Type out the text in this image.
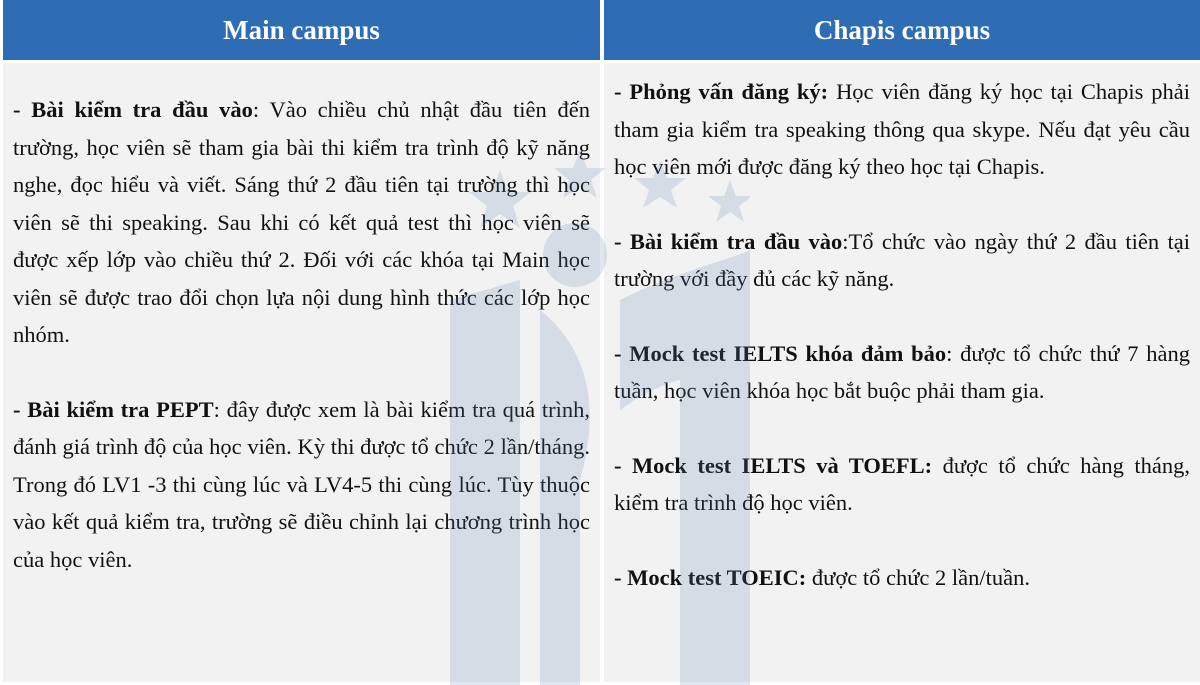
Main campus	Chapis campus

- Bài kiểm tra đầu vào: Vào chiều chủ nhật đầu tiên đến trường, học viên sẽ tham gia bài thi kiểm tra trình độ kỹ năng nghe, đọc hiểu và viết. Sáng thứ 2 đầu tiên tại trường thì học viên sẽ thi speaking. Sau khi có kết quả test thì học viên sẽ được xếp lớp vào chiều thứ 2. Đối với các khóa tại Main học viên sẽ được trao đổi chọn lựa nội dung hình thức các lớp học nhóm.

- Bài kiểm tra PEPT: đây được xem là bài kiểm tra quá trình, đánh giá trình độ của học viên. Kỳ thi được tổ chức 2 lần/tháng. Trong đó LV1 -3 thi cùng lúc và LV4-5 thi cùng lúc. Tùy thuộc vào kết quả kiểm tra, trường sẽ điều chỉnh lại chương trình học của học viên.

- Phỏng vấn đăng ký: Học viên đăng ký học tại Chapis phải tham gia kiểm tra speaking thông qua skype. Nếu đạt yêu cầu học viên mới được đăng ký theo học tại Chapis.

- Bài kiểm tra đầu vào:Tổ chức vào ngày thứ 2 đầu tiên tại trường với đầy đủ các kỹ năng.

- Mock test IELTS khóa đảm bảo: được tổ chức thứ 7 hàng tuần, học viên khóa học bắt buộc phải tham gia.

- Mock test IELTS và TOEFL: được tổ chức hàng tháng, kiểm tra trình độ học viên.

- Mock test TOEIC: được tổ chức 2 lần/tuần.
